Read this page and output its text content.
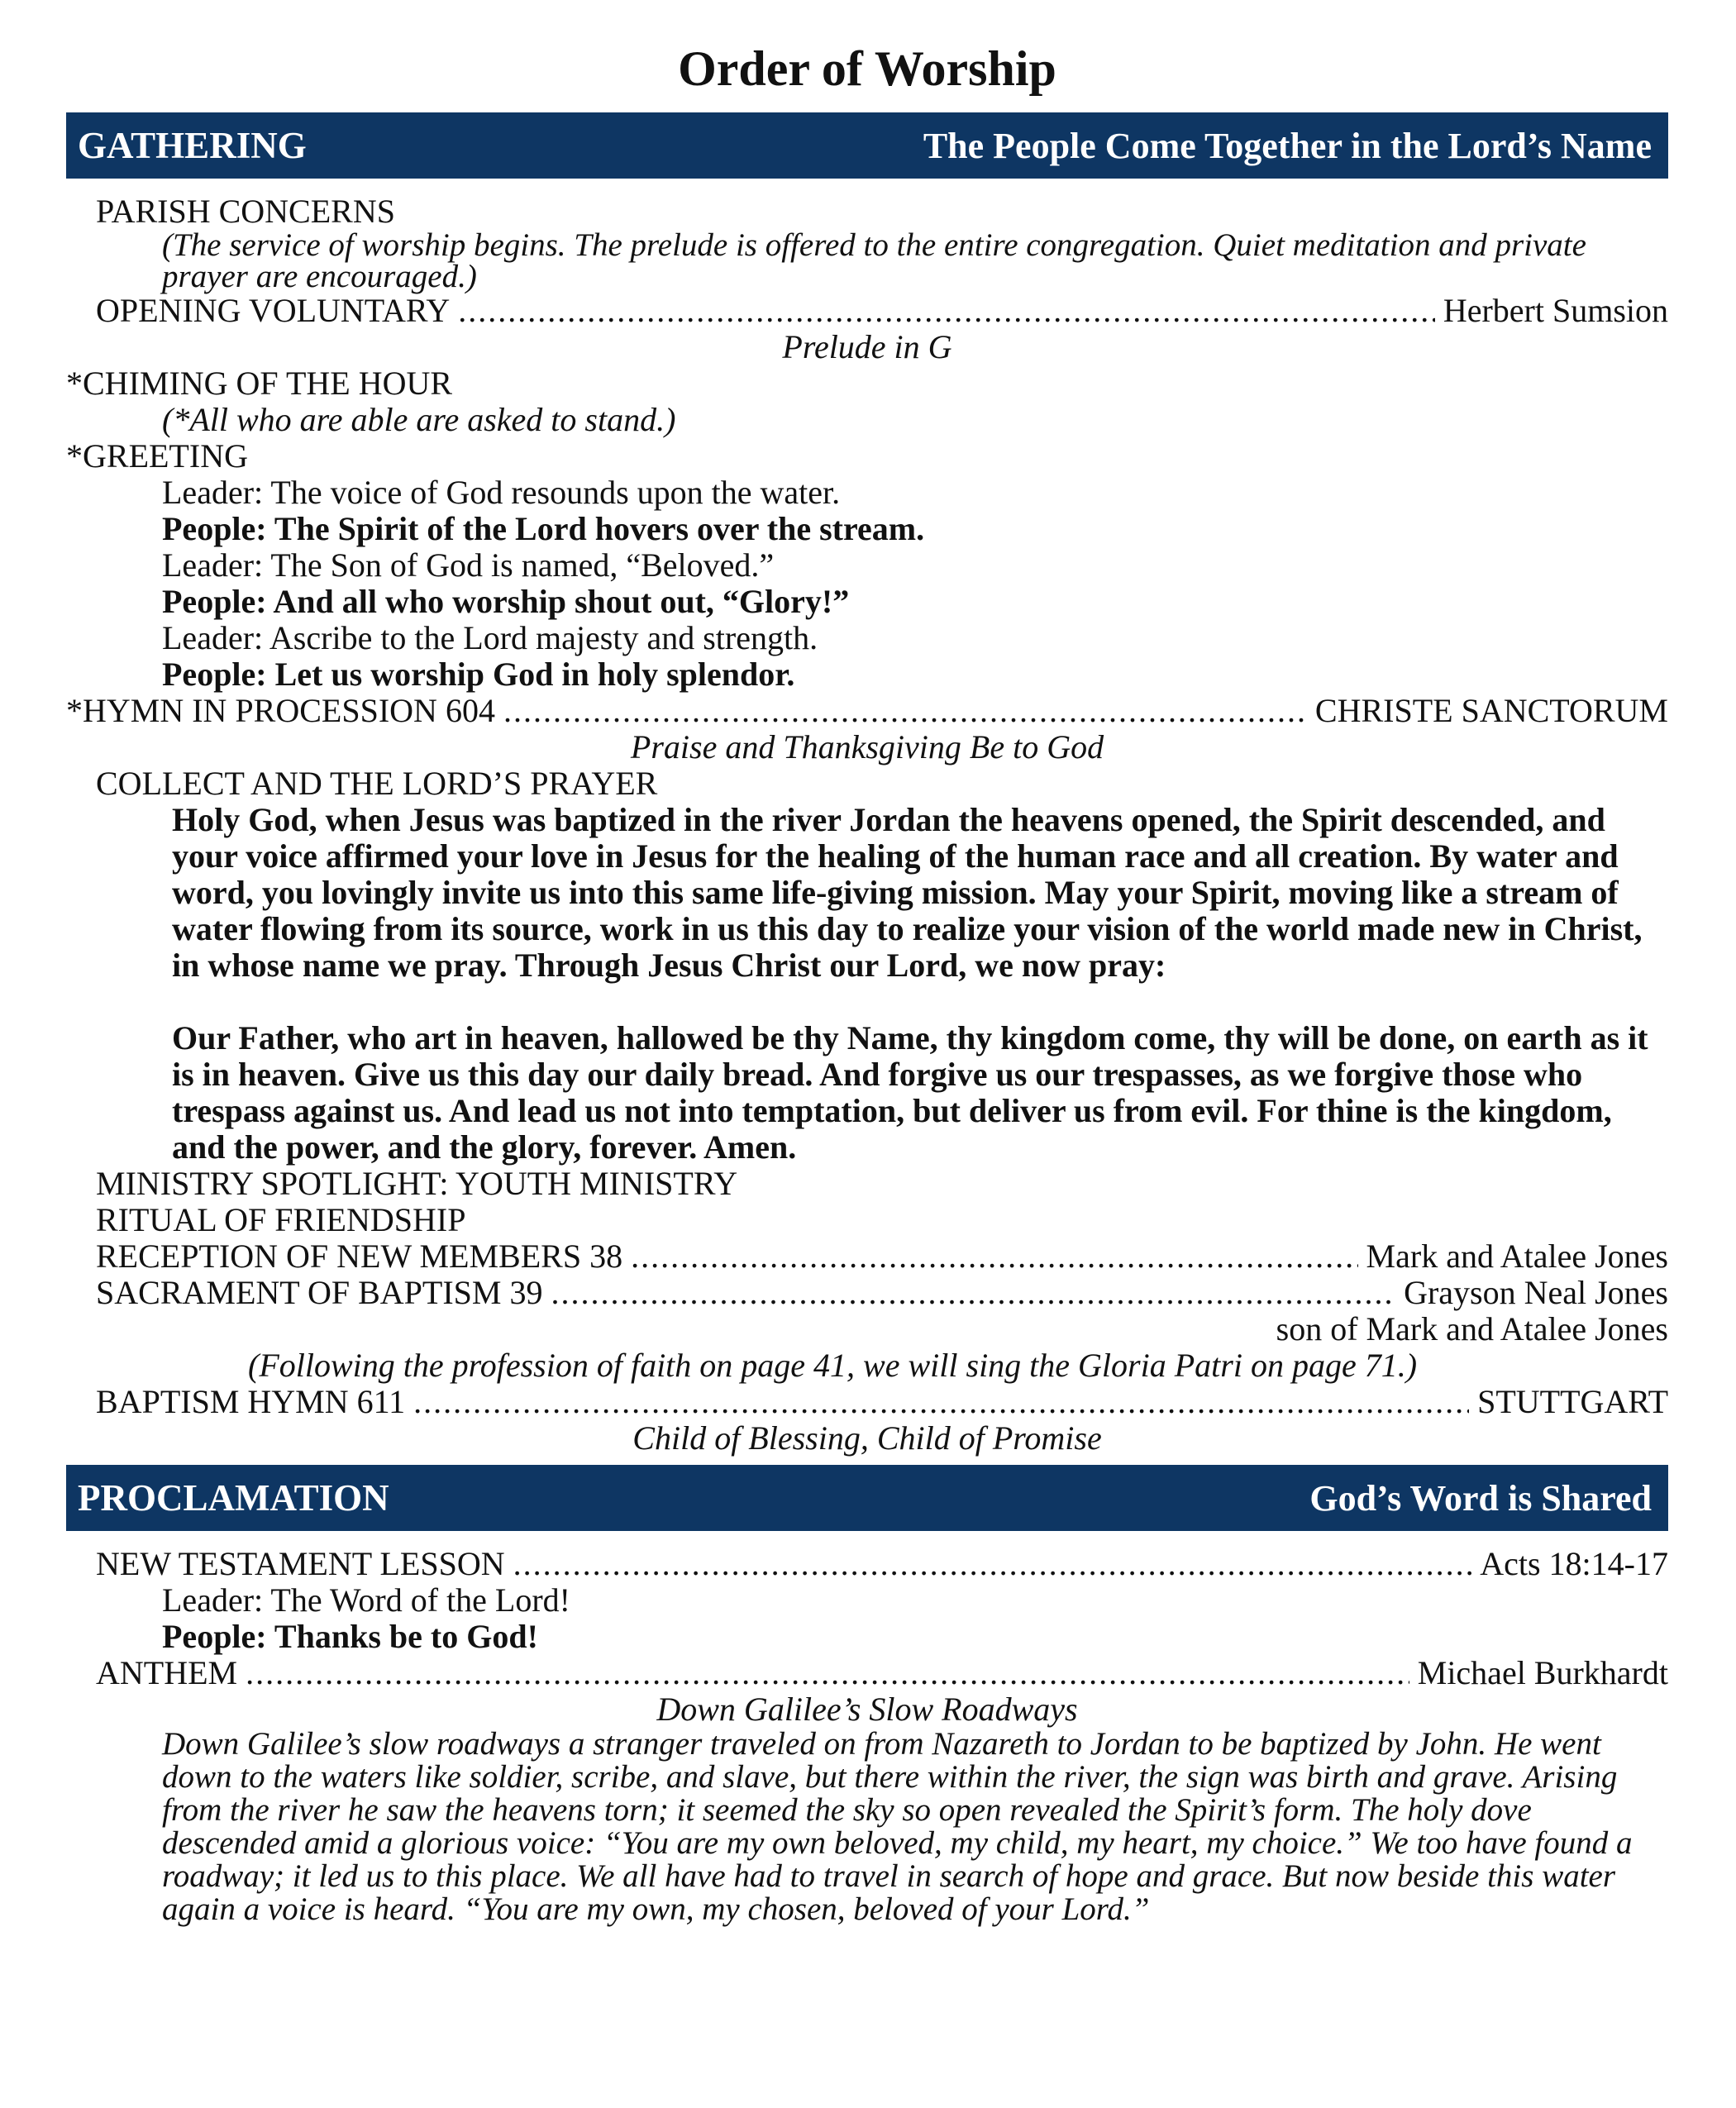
Order of Worship
GATHERING	The People Come Together in the Lord’s Name

PARISH CONCERNS

(The service of worship begins. The prelude is offered to the entire congregation. Quiet meditation and private prayer are encouraged.)

OPENING VOLUNTARY .....	Herbert Sumsion

Prelude in G

*CHIMING OF THE HOUR

(*All who are able are asked to stand.)

*GREETING

Leader: The voice of God resounds upon the water.

People: The Spirit of the Lord hovers over the stream.

Leader: The Son of God is named, “Beloved.”

People: And all who worship shout out, “Glory!”

Leader: Ascribe to the Lord majesty and strength.

People: Let us worship God in holy splendor.

*HYMN IN PROCESSION 604 .....	CHRISTE SANCTORUM

Praise and Thanksgiving Be to God

COLLECT AND THE LORD’S PRAYER

Holy God, when Jesus was baptized in the river Jordan the heavens opened, the Spirit descended, and your voice affirmed your love in Jesus for the healing of the human race and all creation. By water and word, you lovingly invite us into this same life-giving mission. May your Spirit, moving like a stream of water flowing from its source, work in us this day to realize your vision of the world made new in Christ, in whose name we pray. Through Jesus Christ our Lord, we now pray:

Our Father, who art in heaven, hallowed be thy Name, thy kingdom come, thy will be done, on earth as it is in heaven. Give us this day our daily bread. And forgive us our trespasses, as we forgive those who trespass against us. And lead us not into temptation, but deliver us from evil. For thine is the kingdom, and the power, and the glory, forever. Amen.

MINISTRY SPOTLIGHT: YOUTH MINISTRY

RITUAL OF FRIENDSHIP

RECEPTION OF NEW MEMBERS 38 .....	Mark and Atalee Jones
SACRAMENT OF BAPTISM 39 .....	Grayson Neal Jones

son of Mark and Atalee Jones

(Following the profession of faith on page 41, we will sing the Gloria Patri on page 71.)

BAPTISM HYMN 611 .....	STUTTGART

Child of Blessing, Child of Promise

PROCLAMATION	God’s Word is Shared
NEW TESTAMENT LESSON .....	Acts 18:14-17

Leader: The Word of the Lord!

People: Thanks be to God!

ANTHEM .....	Michael Burkhardt

Down Galilee’s Slow Roadways

Down Galilee’s slow roadways a stranger traveled on from Nazareth to Jordan to be baptized by John. He went down to the waters like soldier, scribe, and slave, but there within the river, the sign was birth and grave. Arising from the river he saw the heavens torn; it seemed the sky so open revealed the Spirit’s form. The holy dove descended amid a glorious voice: “You are my own beloved, my child, my heart, my choice.” We too have found a roadway; it led us to this place. We all have had to travel in search of hope and grace. But now beside this water again a voice is heard. “You are my own, my chosen, beloved of your Lord.”
